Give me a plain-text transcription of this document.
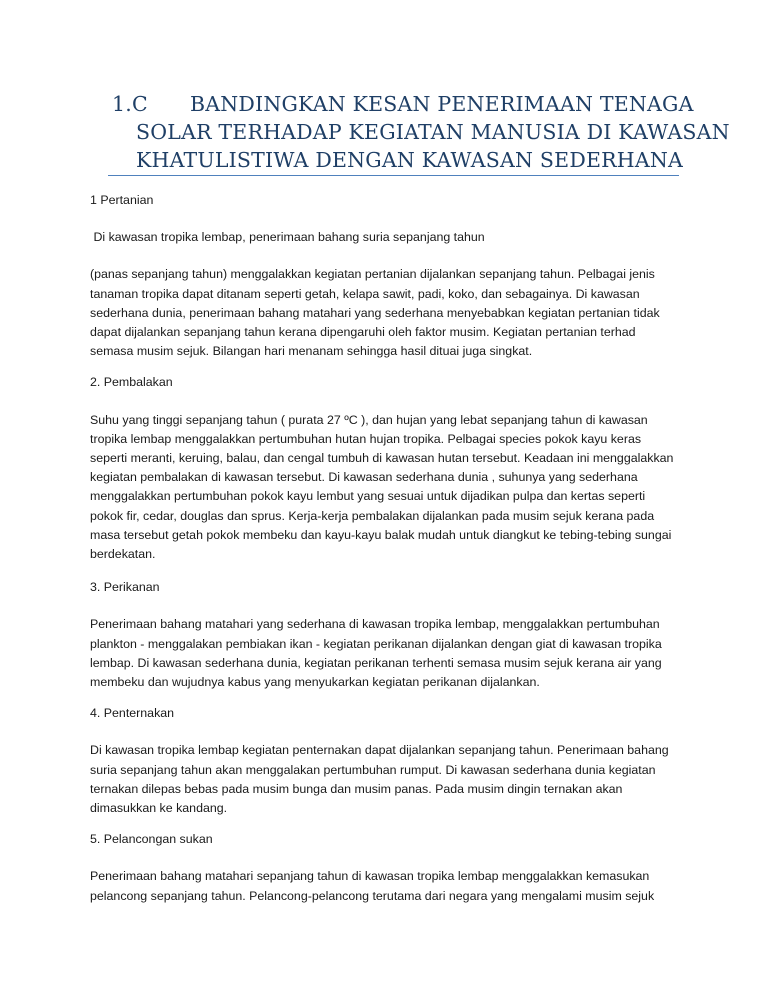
1.C BANDINGKAN KESAN PENERIMAAN TENAGA
SOLAR TERHADAP KEGIATAN MANUSIA DI KAWASAN
KHATULISTIWA DENGAN KAWASAN SEDERHANA

1 Pertanian

Di kawasan tropika lembap, penerimaan bahang suria sepanjang tahun

(panas sepanjang tahun) menggalakkan kegiatan pertanian dijalankan sepanjang tahun. Pelbagai jenis tanaman tropika dapat ditanam seperti getah, kelapa sawit, padi, koko, dan sebagainya. Di kawasan sederhana dunia, penerimaan bahang matahari yang sederhana menyebabkan kegiatan pertanian tidak dapat dijalankan sepanjang tahun kerana dipengaruhi oleh faktor musim. Kegiatan pertanian terhad semasa musim sejuk. Bilangan hari menanam sehingga hasil dituai juga singkat.

2. Pembalakan

Suhu yang tinggi sepanjang tahun ( purata 27 ºC ), dan hujan yang lebat sepanjang tahun di kawasan tropika lembap menggalakkan pertumbuhan hutan hujan tropika. Pelbagai species pokok kayu keras seperti meranti, keruing, balau, dan cengal tumbuh di kawasan hutan tersebut. Keadaan ini menggalakkan kegiatan pembalakan di kawasan tersebut. Di kawasan sederhana dunia , suhunya yang sederhana menggalakkan pertumbuhan pokok kayu lembut yang sesuai untuk dijadikan pulpa dan kertas seperti pokok fir, cedar, douglas dan sprus. Kerja-kerja pembalakan dijalankan pada musim sejuk kerana pada masa tersebut getah pokok membeku dan kayu-kayu balak mudah untuk diangkut ke tebing-tebing sungai berdekatan.

3. Perikanan

Penerimaan bahang matahari yang sederhana di kawasan tropika lembap, menggalakkan pertumbuhan plankton - menggalakan pembiakan ikan - kegiatan perikanan dijalankan dengan giat di kawasan tropika lembap. Di kawasan sederhana dunia, kegiatan perikanan terhenti semasa musim sejuk kerana air yang membeku dan wujudnya kabus yang menyukarkan kegiatan perikanan dijalankan.

4. Penternakan

Di kawasan tropika lembap kegiatan penternakan dapat dijalankan sepanjang tahun. Penerimaan bahang suria sepanjang tahun akan menggalakan pertumbuhan rumput. Di kawasan sederhana dunia kegiatan ternakan dilepas bebas pada musim bunga dan musim panas. Pada musim dingin ternakan akan dimasukkan ke kandang.

5. Pelancongan sukan

Penerimaan bahang matahari sepanjang tahun di kawasan tropika lembap menggalakkan kemasukan pelancong sepanjang tahun. Pelancong-pelancong terutama dari negara yang mengalami musim sejuk
